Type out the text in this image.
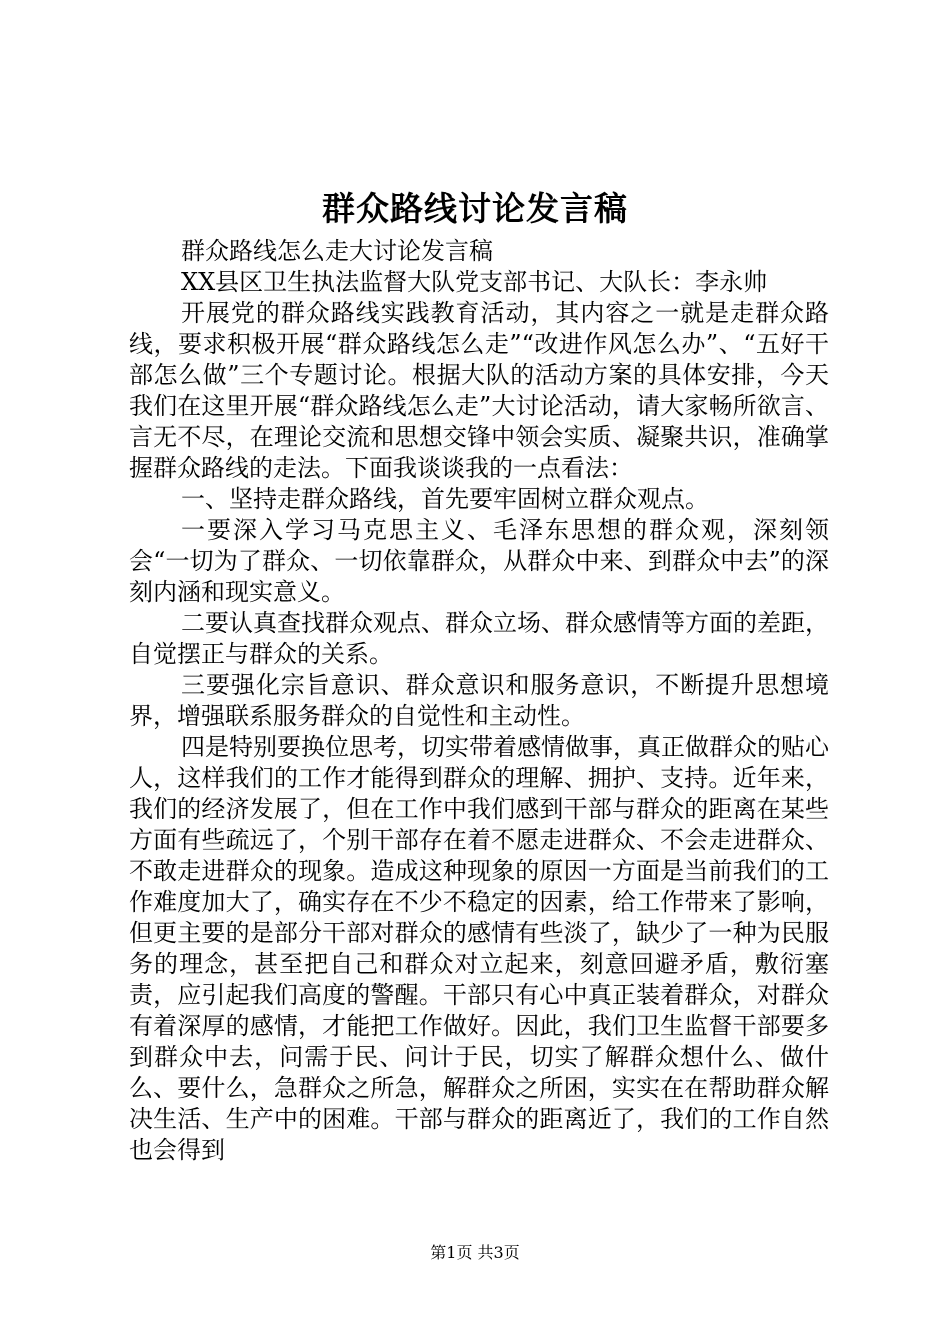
群众路线讨论发言稿

群众路线怎么走大讨论发言稿

XX县区卫生执法监督大队党支部书记、大队长：李永帅

开展党的群众路线实践教育活动，其内容之一就是走群众路线，要求积极开展“群众路线怎么走”“改进作风怎么办”、“五好干部怎么做”三个专题讨论。根据大队的活动方案的具体安排，今天我们在这里开展“群众路线怎么走”大讨论活动，请大家畅所欲言、言无不尽，在理论交流和思想交锋中领会实质、凝聚共识，准确掌握群众路线的走法。下面我谈谈我的一点看法：

一、坚持走群众路线，首先要牢固树立群众观点。

一要深入学习马克思主义、毛泽东思想的群众观，深刻领会“一切为了群众、一切依靠群众，从群众中来、到群众中去”的深刻内涵和现实意义。

二要认真查找群众观点、群众立场、群众感情等方面的差距，自觉摆正与群众的关系。

三要强化宗旨意识、群众意识和服务意识，不断提升思想境界，增强联系服务群众的自觉性和主动性。

四是特别要换位思考，切实带着感情做事，真正做群众的贴心人，这样我们的工作才能得到群众的理解、拥护、支持。近年来，我们的经济发展了，但在工作中我们感到干部与群众的距离在某些方面有些疏远了，个别干部存在着不愿走进群众、不会走进群众、不敢走进群众的现象。造成这种现象的原因一方面是当前我们的工作难度加大了，确实存在不少不稳定的因素，给工作带来了影响，但更主要的是部分干部对群众的感情有些淡了，缺少了一种为民服务的理念，甚至把自己和群众对立起来，刻意回避矛盾，敷衍塞责，应引起我们高度的警醒。干部只有心中真正装着群众，对群众有着深厚的感情，才能把工作做好。因此，我们卫生监督干部要多到群众中去，问需于民、问计于民，切实了解群众想什么、做什么、要什么，急群众之所急，解群众之所困，实实在在帮助群众解决生活、生产中的困难。干部与群众的距离近了，我们的工作自然也会得到

第1页 共3页
